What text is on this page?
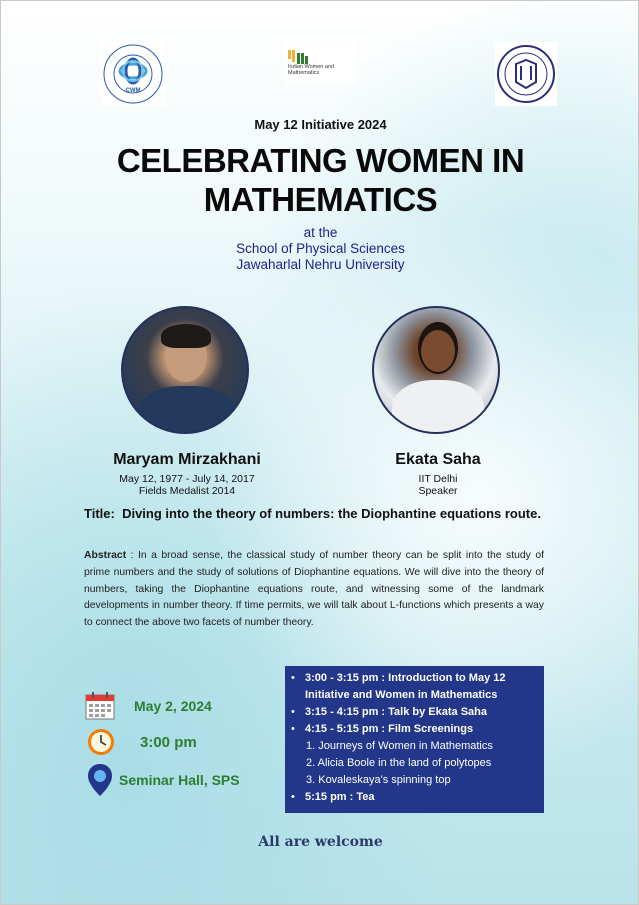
CWM
Indian Women and Mathematics
May 12 Initiative 2024
CELEBRATING WOMEN IN
MATHEMATICS
at the
School of Physical Sciences
Jawaharlal Nehru University
Maryam Mirzakhani
May 12, 1977 - July 14, 2017
Fields Medalist 2014
Ekata Saha
IIT Delhi
Speaker
Title: Diving into the theory of numbers: the Diophantine equations route.
Abstract : In a broad sense, the classical study of number theory can be split into the study of prime numbers and the study of solutions of Diophantine equations. We will dive into the theory of numbers, taking the Diophantine equations route, and witnessing some of the landmark developments in number theory. If time permits, we will talk about L-functions which presents a way to connect the above two facets of number theory.
May 2, 2024
3:00 pm
Seminar Hall, SPS
• 3:00 - 3:15 pm : Introduction to May 12 Initiative and Women in Mathematics
• 3:15 - 4:15 pm : Talk by Ekata Saha
• 4:15 - 5:15 pm : Film Screenings
1. Journeys of Women in Mathematics
2. Alicia Boole in the land of polytopes
3. Kovaleskaya's spinning top
• 5:15 pm : Tea
All are welcome
